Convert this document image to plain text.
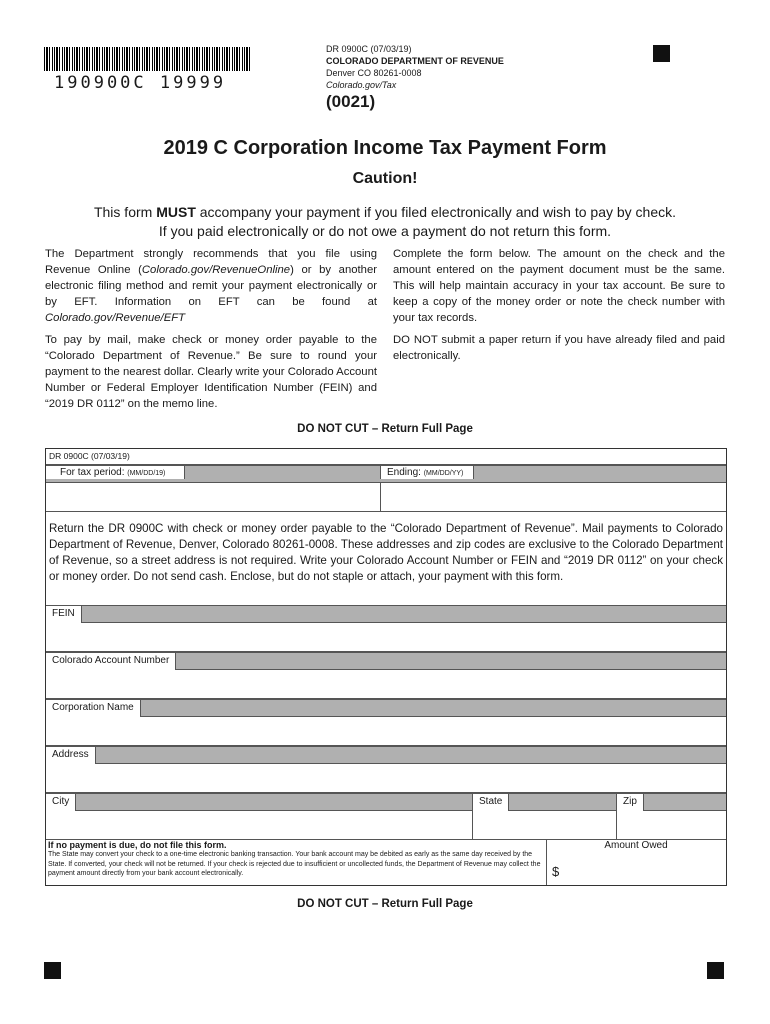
190900C 19999
DR 0900C (07/03/19)
COLORADO DEPARTMENT OF REVENUE
Denver CO 80261-0008
Colorado.gov/Tax
(0021)
2019 C Corporation Income Tax Payment Form
Caution!
This form MUST accompany your payment if you filed electronically and wish to pay by check.
If you paid electronically or do not owe a payment do not return this form.

The Department strongly recommends that you file using Revenue Online (Colorado.gov/RevenueOnline) or by another electronic filing method and remit your payment electronically or by EFT. Information on EFT can be found at Colorado.gov/Revenue/EFT

To pay by mail, make check or money order payable to the “Colorado Department of Revenue.” Be sure to round your payment to the nearest dollar. Clearly write your Colorado Account Number or Federal Employer Identification Number (FEIN) and “2019 DR 0112” on the memo line.

Complete the form below. The amount on the check and the amount entered on the payment document must be the same. This will help maintain accuracy in your tax account. Be sure to keep a copy of the money order or note the check number with your tax records.

DO NOT submit a paper return if you have already filed and paid electronically.

DO NOT CUT – Return Full Page
DR 0900C (07/03/19)
For tax period: (MM/DD/19)	Ending: (MM/DD/YY)
Return the DR 0900C with check or money order payable to the “Colorado Department of Revenue”. Mail payments to Colorado Department of Revenue, Denver, Colorado 80261-0008. These addresses and zip codes are exclusive to the Colorado Department of Revenue, so a street address is not required. Write your Colorado Account Number or FEIN and “2019 DR 0112” on your check or money order. Do not send cash. Enclose, but do not staple or attach, your payment with this form.
FEIN
Colorado Account Number
Corporation Name
Address
City	State	Zip
If no payment is due, do not file this form.
The State may convert your check to a one-time electronic banking transaction. Your bank account may be debited as early as the same day received by the State. If converted, your check will not be returned. If your check is rejected due to insufficient or uncollected funds, the Department of Revenue may collect the payment amount directly from your bank account electronically.
Amount Owed
$
DO NOT CUT – Return Full Page
